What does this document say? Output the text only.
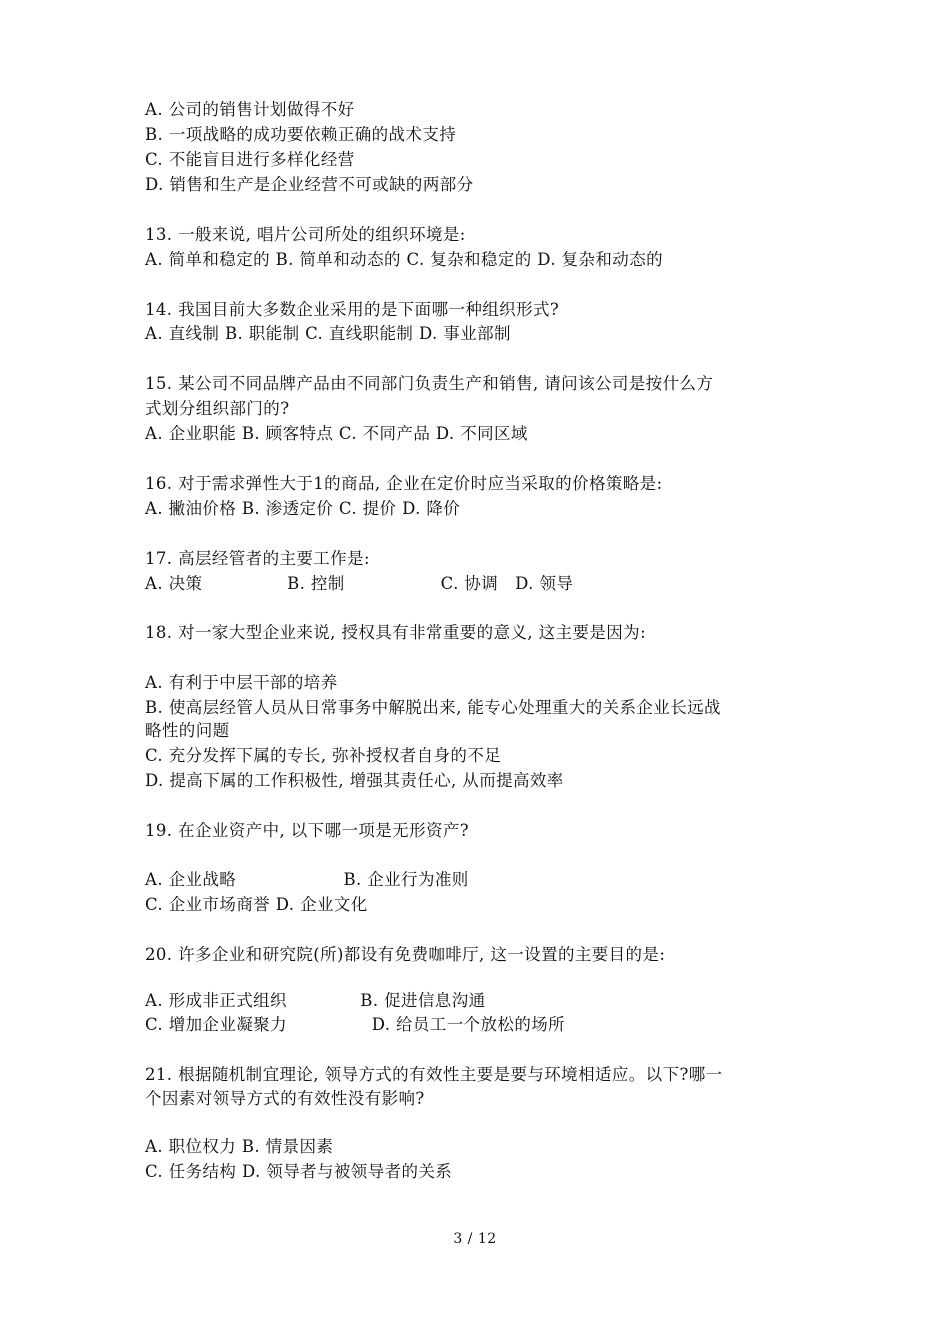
A. 公司的销售计划做得不好
B. 一项战略的成功要依赖正确的战术支持
C. 不能盲目进行多样化经营
D. 销售和生产是企业经营不可或缺的两部分
13. 一般来说, 唱片公司所处的组织环境是:
A. 简单和稳定的 B. 简单和动态的 C. 复杂和稳定的 D. 复杂和动态的
14. 我国目前大多数企业采用的是下面哪一种组织形式?
A. 直线制 B. 职能制 C. 直线职能制 D. 事业部制
15. 某公司不同品牌产品由不同部门负责生产和销售, 请问该公司是按什么方
式划分组织部门的?
A. 企业职能 B. 顾客特点 C. 不同产品 D. 不同区域
16. 对于需求弹性大于1的商品, 企业在定价时应当采取的价格策略是:
A. 撇油价格 B. 渗透定价 C. 提价 D. 降价
17. 高层经管者的主要工作是:
A. 决策               B. 控制                 C. 协调   D. 领导
18. 对一家大型企业来说, 授权具有非常重要的意义, 这主要是因为:
A. 有利于中层干部的培养
B. 使高层经管人员从日常事务中解脱出来, 能专心处理重大的关系企业长远战
略性的问题
C. 充分发挥下属的专长, 弥补授权者自身的不足
D. 提高下属的工作积极性, 增强其责任心, 从而提高效率
19. 在企业资产中, 以下哪一项是无形资产?
A. 企业战略                   B. 企业行为准则
C. 企业市场商誉 D. 企业文化
20. 许多企业和研究院(所)都设有免费咖啡厅, 这一设置的主要目的是:
A. 形成非正式组织             B. 促进信息沟通
C. 增加企业凝聚力               D. 给员工一个放松的场所
21. 根据随机制宜理论, 领导方式的有效性主要是要与环境相适应。以下?哪一
个因素对领导方式的有效性没有影响?
A. 职位权力 B. 情景因素
C. 任务结构 D. 领导者与被领导者的关系
3 / 12
